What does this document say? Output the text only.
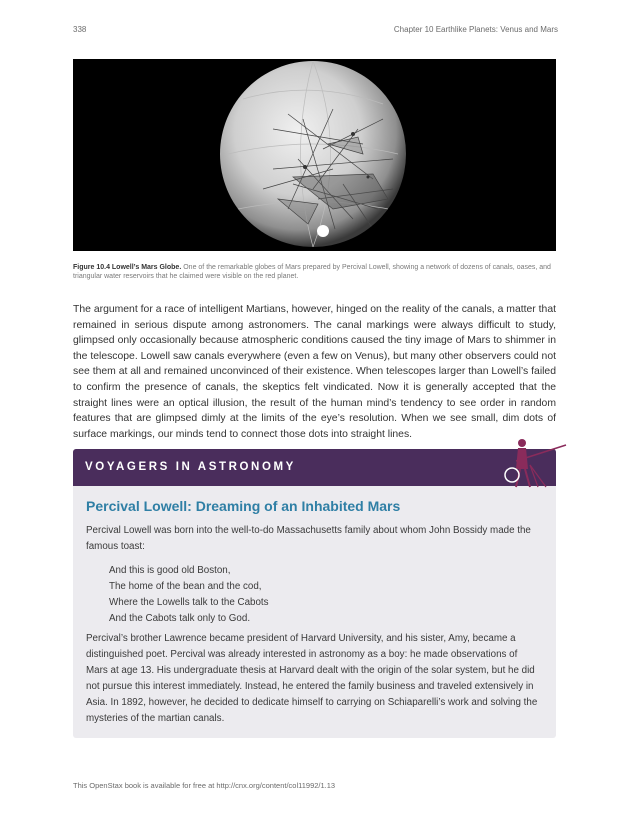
338	Chapter 10 Earthlike Planets: Venus and Mars
Figure 10.4 Lowell’s Mars Globe. One of the remarkable globes of Mars prepared by Percival Lowell, showing a network of dozens of canals, oases, and triangular water reservoirs that he claimed were visible on the red planet.

The argument for a race of intelligent Martians, however, hinged on the reality of the canals, a matter that remained in serious dispute among astronomers. The canal markings were always difficult to study, glimpsed only occasionally because atmospheric conditions caused the tiny image of Mars to shimmer in the telescope. Lowell saw canals everywhere (even a few on Venus), but many other observers could not see them at all and remained unconvinced of their existence. When telescopes larger than Lowell’s failed to confirm the presence of canals, the skeptics felt vindicated. Now it is generally accepted that the straight lines were an optical illusion, the result of the human mind’s tendency to see order in random features that are glimpsed dimly at the limits of the eye’s resolution. When we see small, dim dots of surface markings, our minds tend to connect those dots into straight lines.

VOYAGERS IN ASTRONOMY
Percival Lowell: Dreaming of an Inhabited Mars

Percival Lowell was born into the well-to-do Massachusetts family about whom John Bossidy made the famous toast:

And this is good old Boston,
The home of the bean and the cod,
Where the Lowells talk to the Cabots
And the Cabots talk only to God.

Percival’s brother Lawrence became president of Harvard University, and his sister, Amy, became a distinguished poet. Percival was already interested in astronomy as a boy: he made observations of Mars at age 13. His undergraduate thesis at Harvard dealt with the origin of the solar system, but he did not pursue this interest immediately. Instead, he entered the family business and traveled extensively in Asia. In 1892, however, he decided to dedicate himself to carrying on Schiaparelli’s work and solving the mysteries of the martian canals.

This OpenStax book is available for free at http://cnx.org/content/col11992/1.13
